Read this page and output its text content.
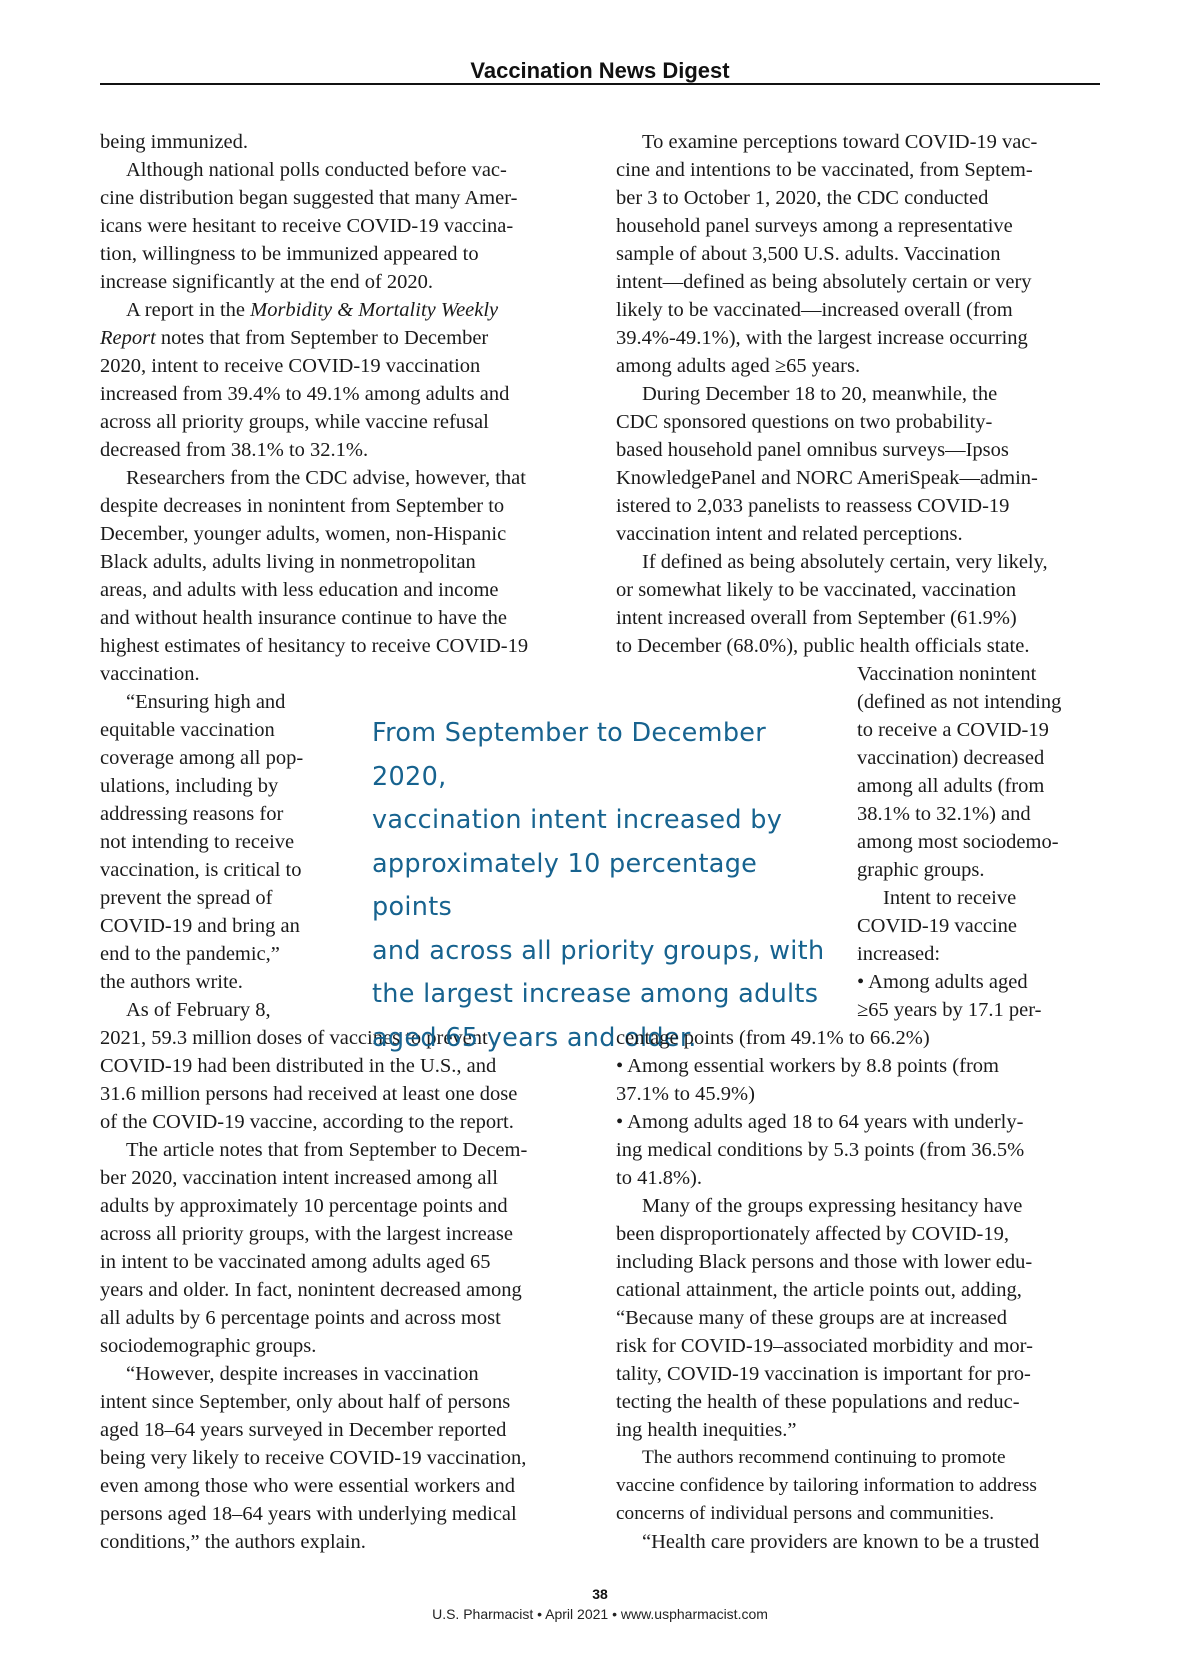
Vaccination News Digest

being immunized.

Although national polls conducted before vac-
cine distribution began suggested that many Amer-
icans were hesitant to receive COVID-19 vaccina-
tion, willingness to be immunized appeared to
increase significantly at the end of 2020.

A report in the Morbidity & Mortality Weekly
Report notes that from September to December
2020, intent to receive COVID-19 vaccination
increased from 39.4% to 49.1% among adults and
across all priority groups, while vaccine refusal
decreased from 38.1% to 32.1%.

Researchers from the CDC advise, however, that
despite decreases in nonintent from September to
December, younger adults, women, non-Hispanic
Black adults, adults living in nonmetropolitan
areas, and adults with less education and income
and without health insurance continue to have the
highest estimates of hesitancy to receive COVID-19
vaccination.

“Ensuring high and
equitable vaccination
coverage among all pop-
ulations, including by
addressing reasons for
not intending to receive
vaccination, is critical to
prevent the spread of
COVID-19 and bring an
end to the pandemic,”
the authors write.

As of February 8,
2021, 59.3 million doses of vaccines to prevent
COVID-19 had been distributed in the U.S., and
31.6 million persons had received at least one dose
of the COVID-19 vaccine, according to the report.

The article notes that from September to Decem-
ber 2020, vaccination intent increased among all
adults by approximately 10 percentage points and
across all priority groups, with the largest increase
in intent to be vaccinated among adults aged 65
years and older. In fact, nonintent decreased among
all adults by 6 percentage points and across most
sociodemographic groups.

“However, despite increases in vaccination
intent since September, only about half of persons
aged 18–64 years surveyed in December reported
being very likely to receive COVID-19 vaccination,
even among those who were essential workers and
persons aged 18–64 years with underlying medical
conditions,” the authors explain.

From September to December 2020,
vaccination intent increased by
approximately 10 percentage points
and across all priority groups, with
the largest increase among adults
aged 65 years and older.

To examine perceptions toward COVID-19 vac-
cine and intentions to be vaccinated, from Septem-
ber 3 to October 1, 2020, the CDC conducted
household panel surveys among a representative
sample of about 3,500 U.S. adults. Vaccination
intent—defined as being absolutely certain or very
likely to be vaccinated—increased overall (from
39.4%-49.1%), with the largest increase occurring
among adults aged ≥65 years.

During December 18 to 20, meanwhile, the
CDC sponsored questions on two probability-
based household panel omnibus surveys—Ipsos
KnowledgePanel and NORC AmeriSpeak—admin-
istered to 2,033 panelists to reassess COVID-19
vaccination intent and related perceptions.

If defined as being absolutely certain, very likely,
or somewhat likely to be vaccinated, vaccination
intent increased overall from September (61.9%)
to December (68.0%), public health officials state.

Vaccination nonintent
(defined as not intending
to receive a COVID-19
vaccination) decreased
among all adults (from
38.1% to 32.1%) and
among most sociodemo-
graphic groups.

Intent to receive
COVID-19 vaccine
increased:
• Among adults aged
≥65 years by 17.1 per-

centage points (from 49.1% to 66.2%)
• Among essential workers by 8.8 points (from
37.1% to 45.9%)
• Among adults aged 18 to 64 years with underly-
ing medical conditions by 5.3 points (from 36.5%
to 41.8%).

Many of the groups expressing hesitancy have
been disproportionately affected by COVID-19,
including Black persons and those with lower edu-
cational attainment, the article points out, adding,
“Because many of these groups are at increased
risk for COVID-19–associated morbidity and mor-
tality, COVID-19 vaccination is important for pro-
tecting the health of these populations and reduc-
ing health inequities.”

The authors recommend continuing to promote
vaccine confidence by tailoring information to address
concerns of individual persons and communities.

“Health care providers are known to be a trusted

38
U.S. Pharmacist • April 2021 • www.uspharmacist.com
